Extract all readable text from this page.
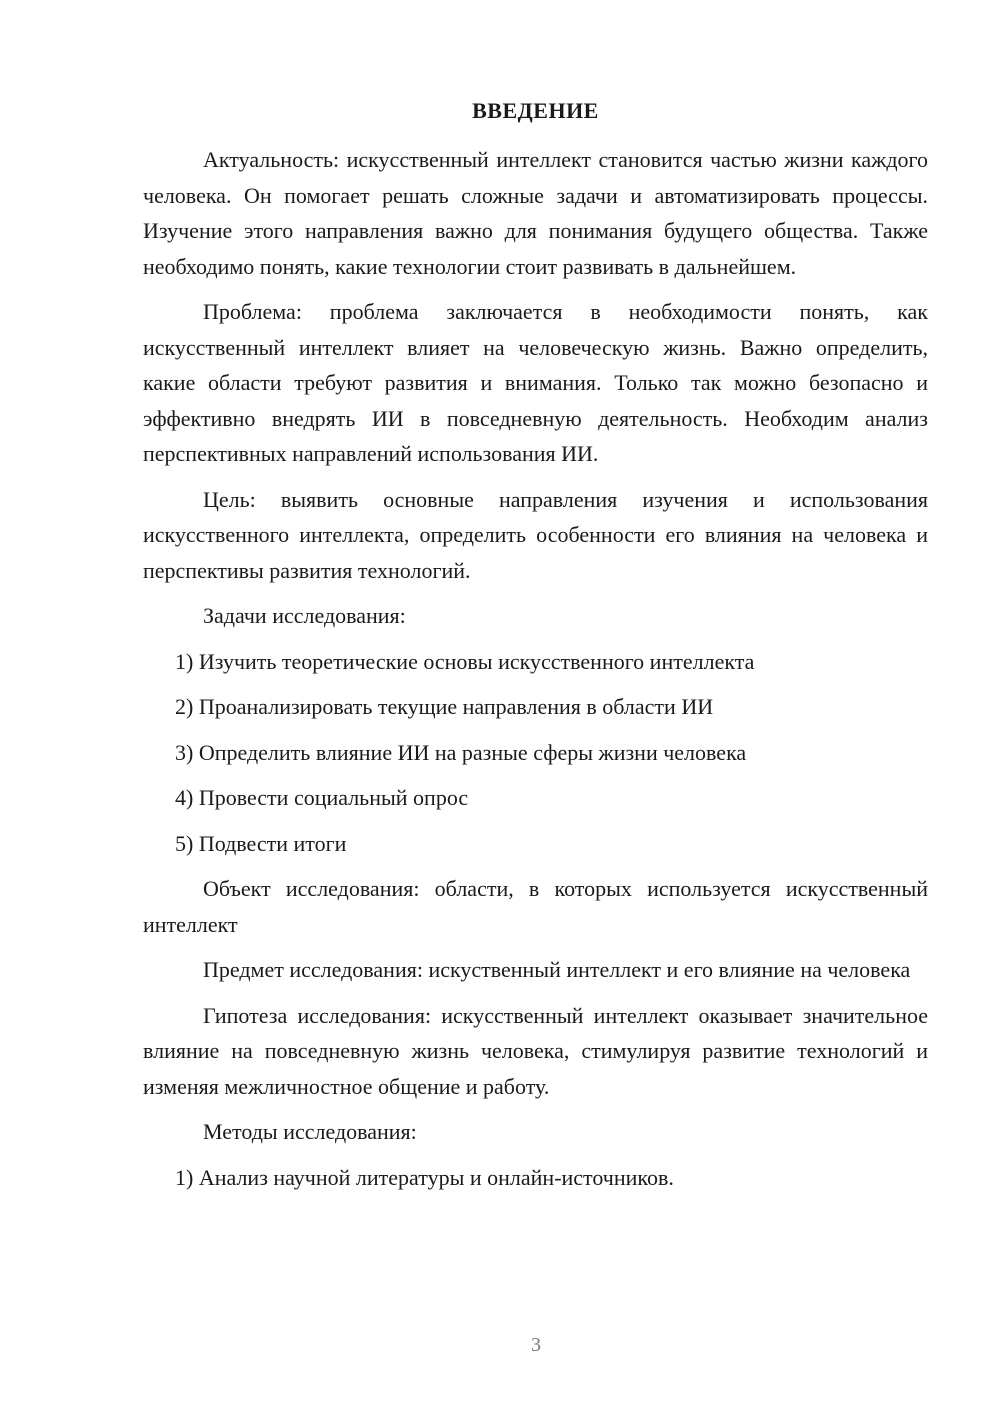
ВВЕДЕНИЕ

Актуальность: искусственный интеллект становится частью жизни каждого человека. Он помогает решать сложные задачи и автоматизировать процессы. Изучение этого направления важно для понимания будущего общества. Также необходимо понять, какие технологии стоит развивать в дальнейшем.

Проблема: проблема заключается в необходимости понять, как искусственный интеллект влияет на человеческую жизнь. Важно определить, какие области требуют развития и внимания. Только так можно безопасно и эффективно внедрять ИИ в повседневную деятельность. Необходим анализ перспективных направлений использования ИИ.

Цель: выявить основные направления изучения и использования искусственного интеллекта, определить особенности его влияния на человека и перспективы развития технологий.

Задачи исследования:

1) Изучить теоретические основы искусственного интеллекта

2) Проанализировать текущие направления в области ИИ

3) Определить влияние ИИ на разные сферы жизни человека

4) Провести социальный опрос

5) Подвести итоги

Объект исследования: области, в которых используется искусственный интеллект

Предмет исследования: искуственный интеллект и его влияние на человека

Гипотеза исследования: искусственный интеллект оказывает значительное влияние на повседневную жизнь человека, стимулируя развитие технологий и изменяя межличностное общение и работу.

Методы исследования:

1) Анализ научной литературы и онлайн-источников.

3
